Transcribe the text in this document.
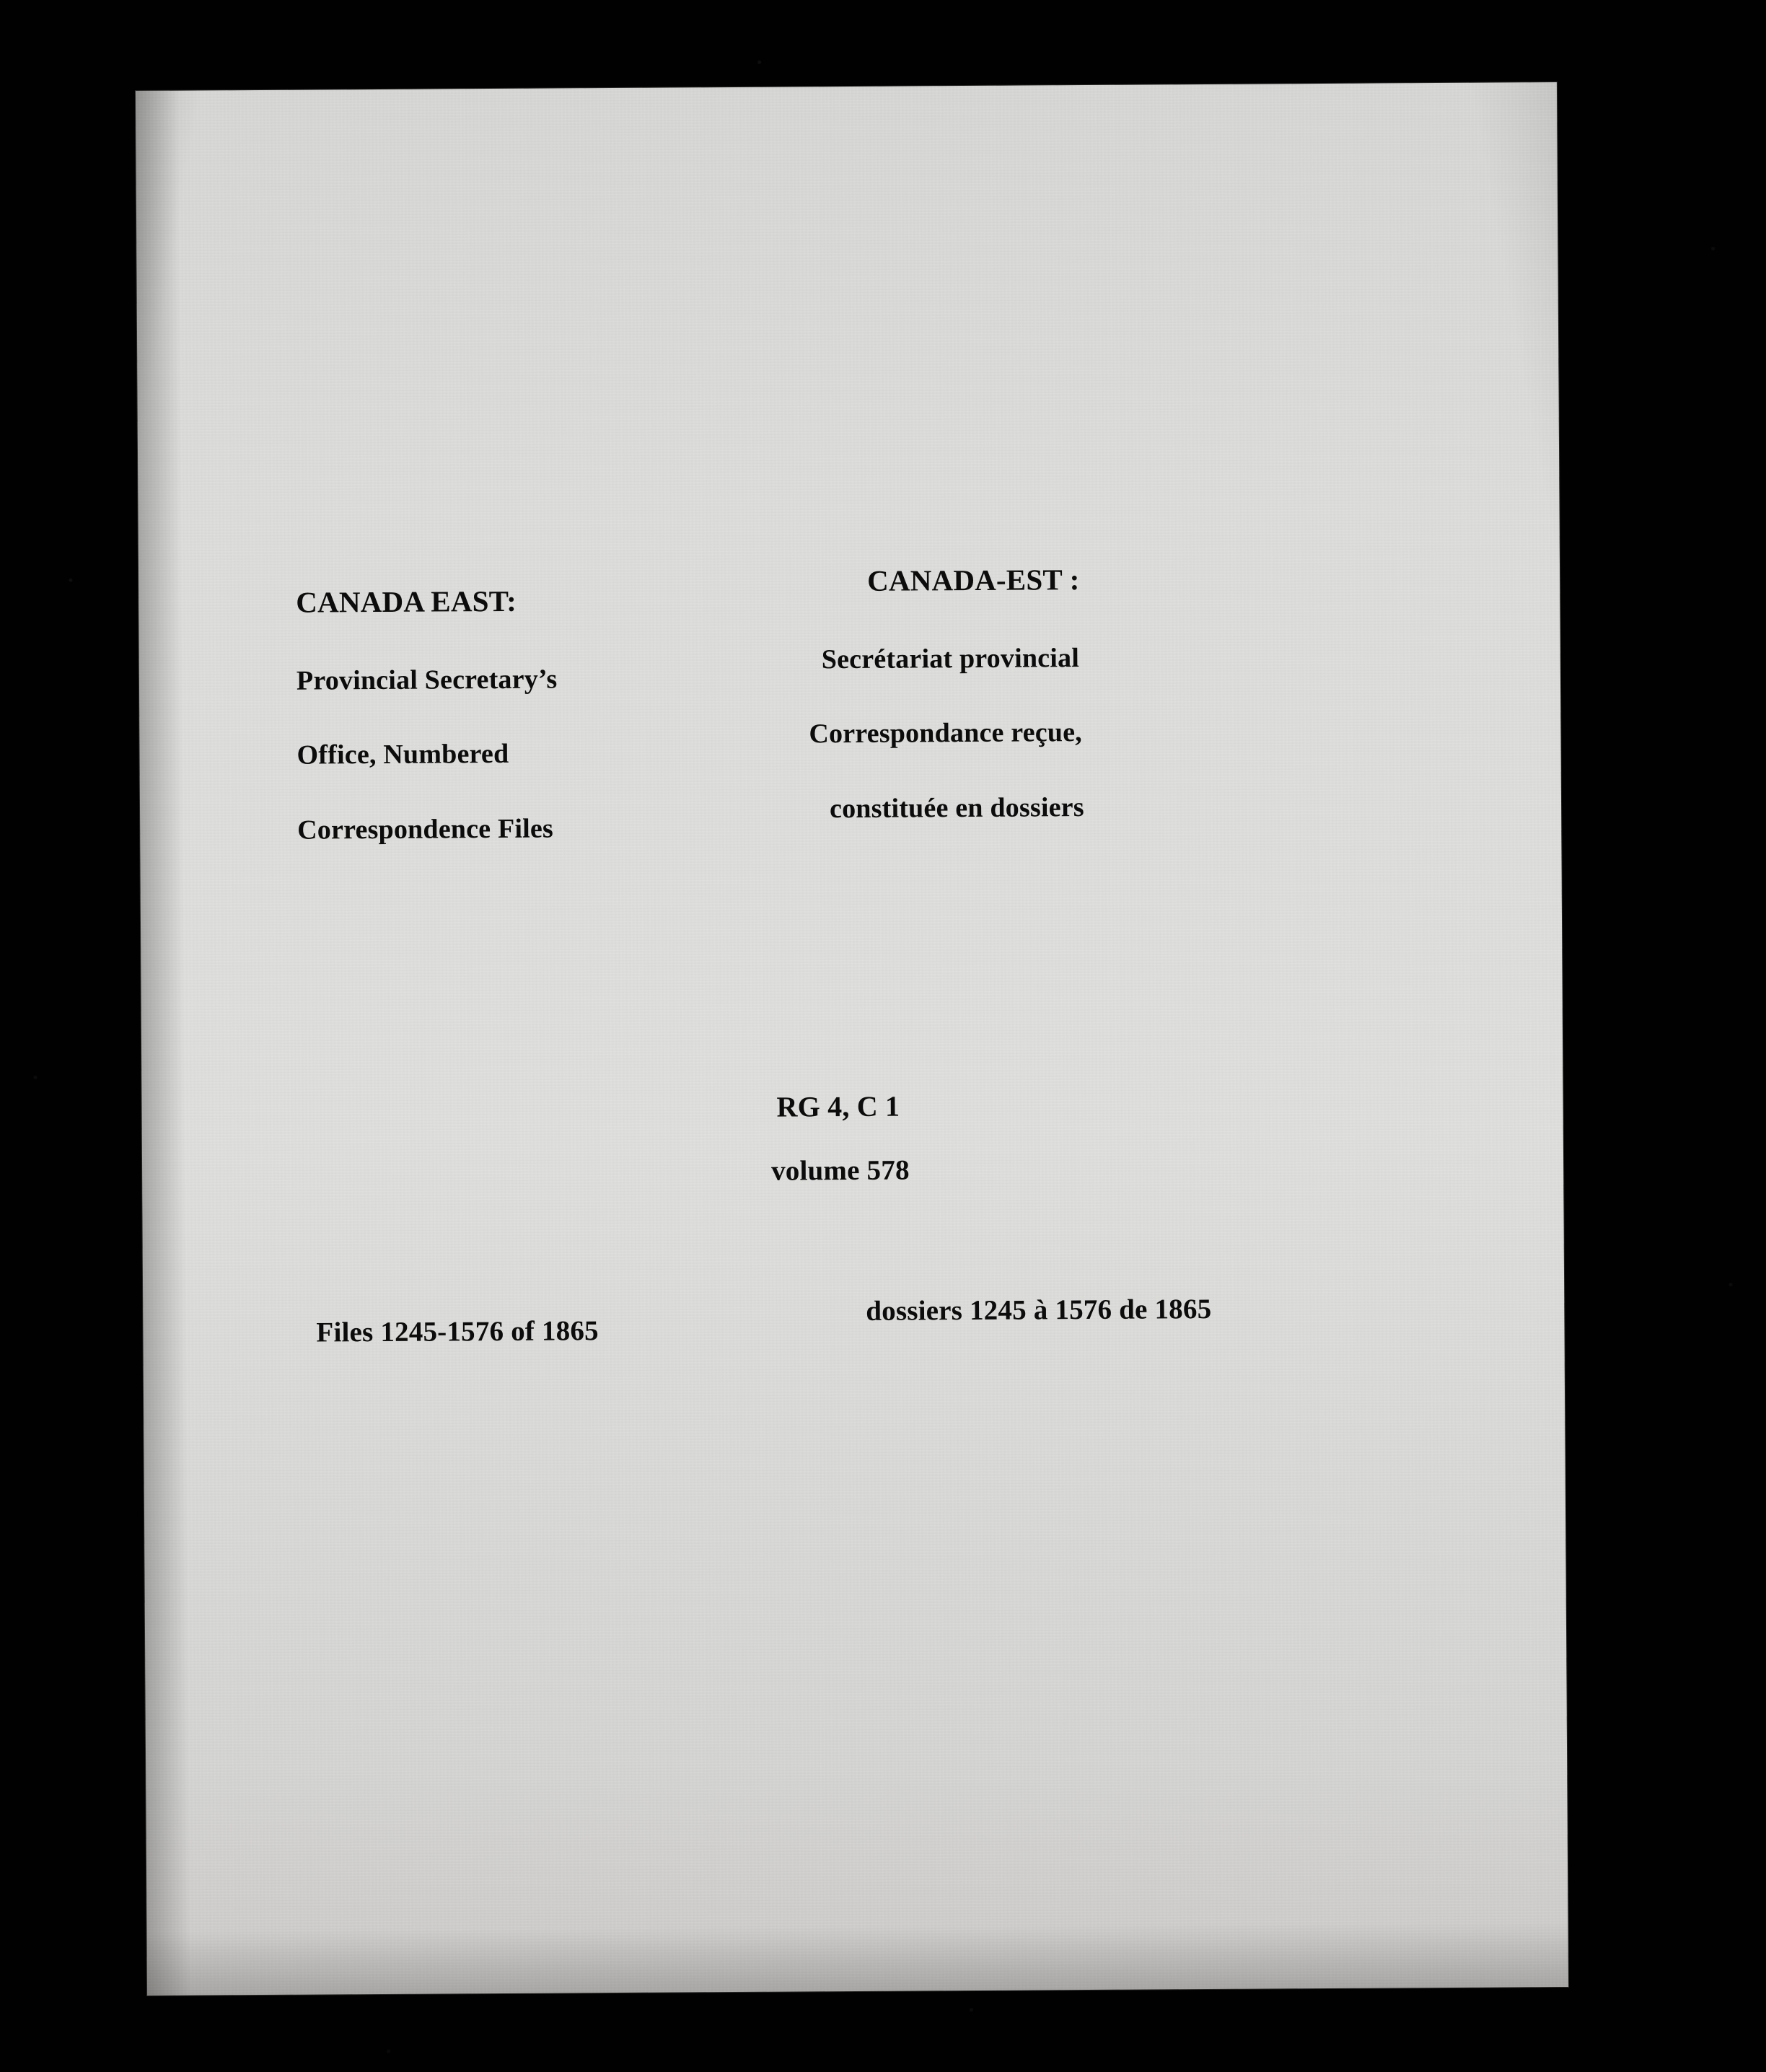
CANADA EAST:
Provincial Secretary’s
Office, Numbered
Correspondence Files
CANADA-EST :
Secrétariat provincial
Correspondance reçue,
constituée en dossiers
RG 4, C 1
volume 578
Files 1245-1576 of 1865
dossiers 1245 à 1576 de 1865
